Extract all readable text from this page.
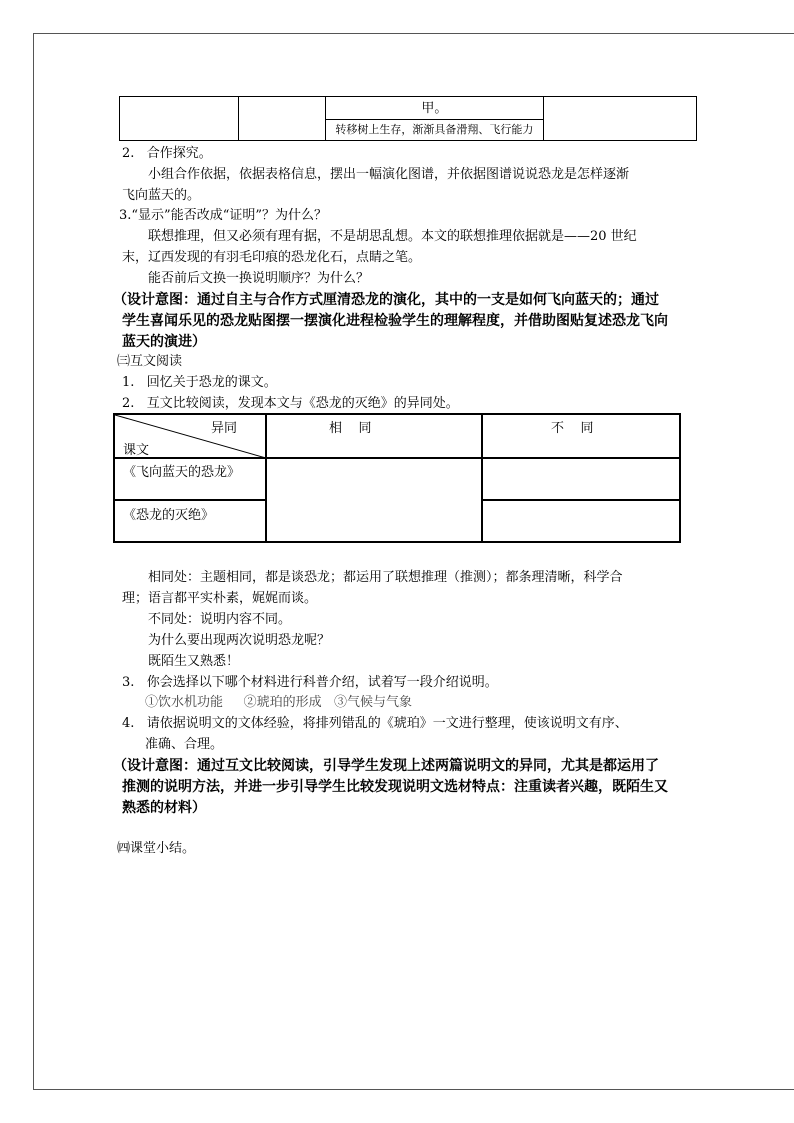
甲。
转移树上生存，渐渐具备滑翔、飞行能力

2.   合作探究。
小组合作依据，依据表格信息，摆出一幅演化图谱，并依据图谱说说恐龙是怎样逐渐
飞向蓝天的。
3.“显示”能否改成“证明”？为什么？
联想推理，但又必须有理有据，不是胡思乱想。本文的联想推理依据就是——20 世纪
末，辽西发现的有羽毛印痕的恐龙化石，点睛之笔。
能否前后文换一换说明顺序？为什么？
（设计意图：通过自主与合作方式厘清恐龙的演化，其中的一支是如何飞向蓝天的；通过
学生喜闻乐见的恐龙贴图摆一摆演化进程检验学生的理解程度，并借助图贴复述恐龙飞向
蓝天的演进）
㈢互文阅读
1.   回忆关于恐龙的课文。
2.   互文比较阅读，发现本文与《恐龙的灭绝》的异同处。
异同
课文
相    同	不    同
《飞向蓝天的恐龙》
《恐龙的灭绝》
相同处：主题相同，都是谈恐龙；都运用了联想推理（推测）；都条理清晰，科学合
理；语言都平实朴素，娓娓而谈。
不同处：说明内容不同。
为什么要出现两次说明恐龙呢？
既陌生又熟悉！
3.   你会选择以下哪个材料进行科普介绍，试着写一段介绍说明。
①饮水机功能     ②琥珀的形成   ③气候与气象
4.   请依据说明文的文体经验，将排列错乱的《琥珀》一文进行整理，使该说明文有序、
准确、合理。
（设计意图：通过互文比较阅读，引导学生发现上述两篇说明文的异同，尤其是都运用了
推测的说明方法，并进一步引导学生比较发现说明文选材特点：注重读者兴趣，既陌生又
熟悉的材料）
㈣课堂小结。
